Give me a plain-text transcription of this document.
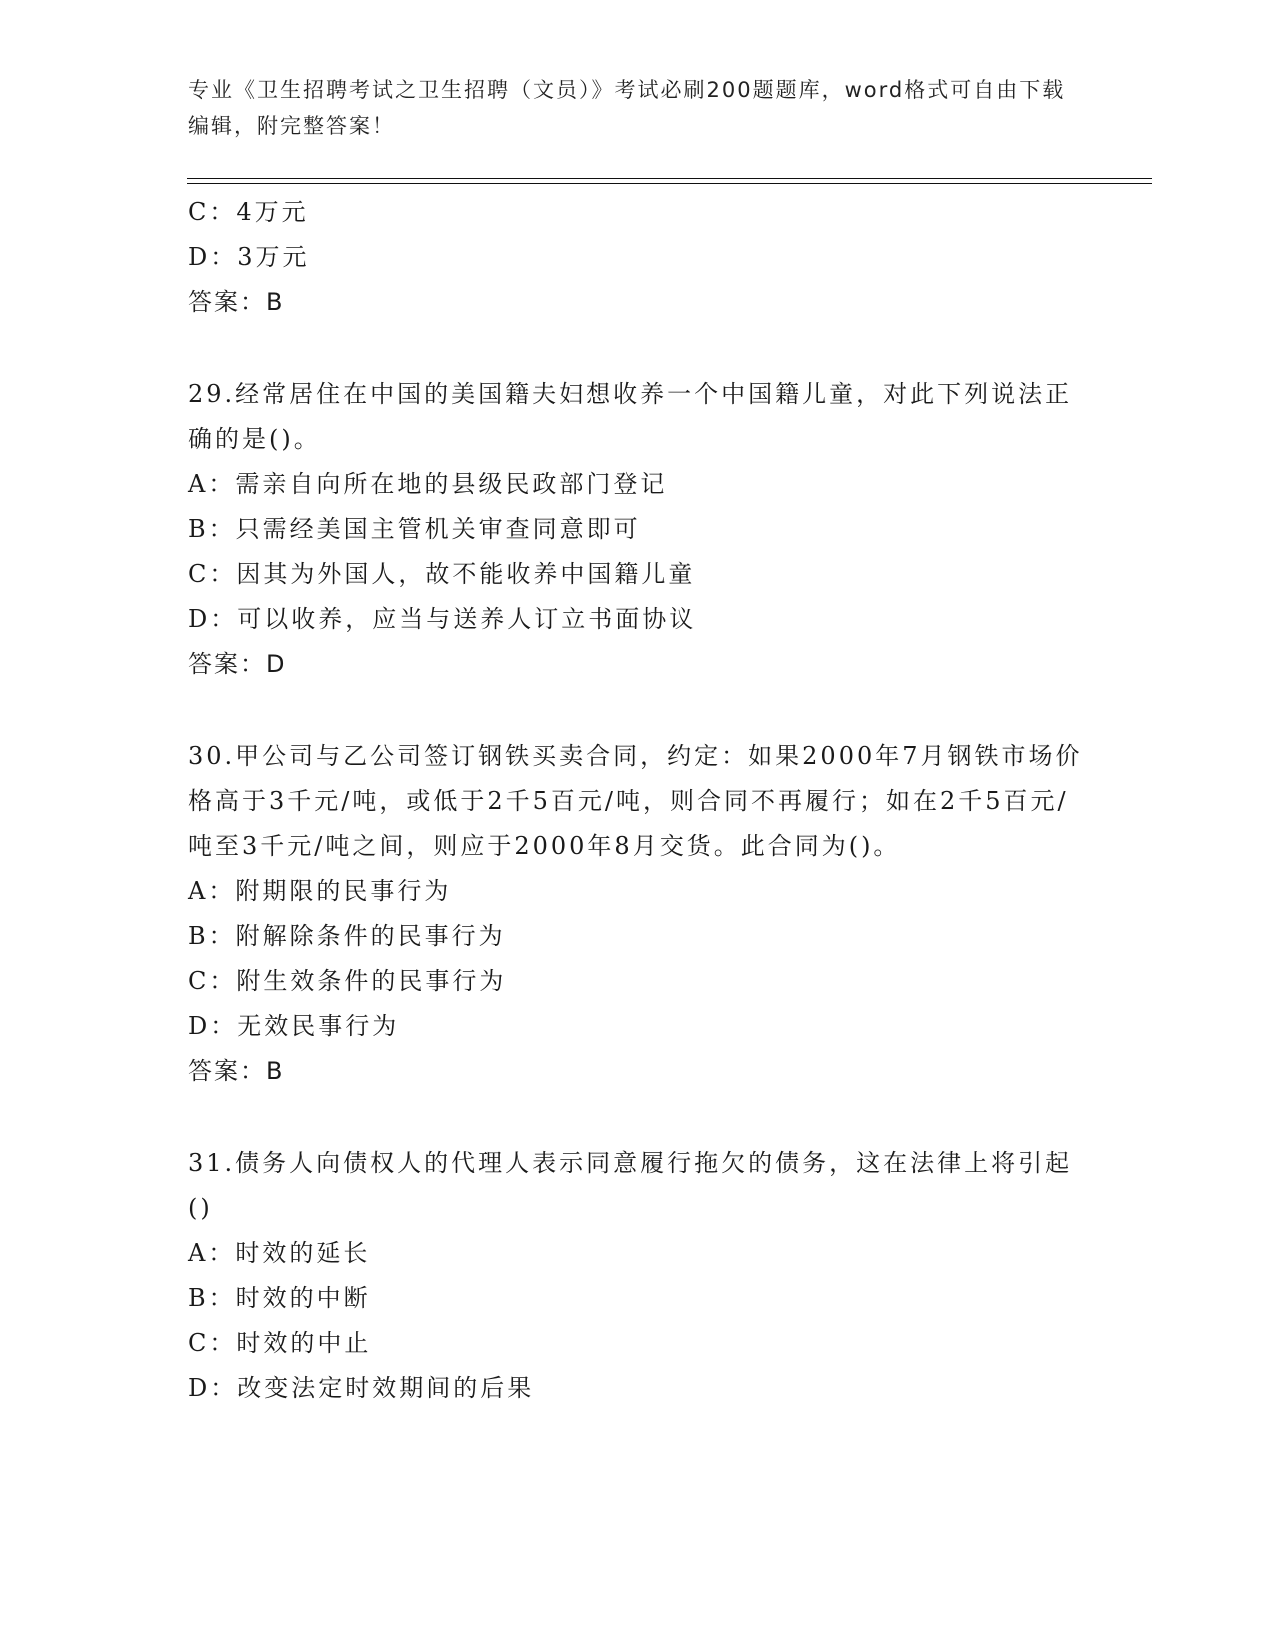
专业《卫生招聘考试之卫生招聘（文员）》考试必刷200题题库，word格式可自由下载编辑，附完整答案！
C：4万元
D：3万元
答案：B
29.经常居住在中国的美国籍夫妇想收养一个中国籍儿童，对此下列说法正确的是()。
A：需亲自向所在地的县级民政部门登记
B：只需经美国主管机关审查同意即可
C：因其为外国人，故不能收养中国籍儿童
D：可以收养，应当与送养人订立书面协议
答案：D
30.甲公司与乙公司签订钢铁买卖合同，约定：如果2000年7月钢铁市场价格高于3千元/吨，或低于2千5百元/吨，则合同不再履行；如在2千5百元/吨至3千元/吨之间，则应于2000年8月交货。此合同为()。
A：附期限的民事行为
B：附解除条件的民事行为
C：附生效条件的民事行为
D：无效民事行为
答案：B
31.债务人向债权人的代理人表示同意履行拖欠的债务，这在法律上将引起()
A：时效的延长
B：时效的中断
C：时效的中止
D：改变法定时效期间的后果
